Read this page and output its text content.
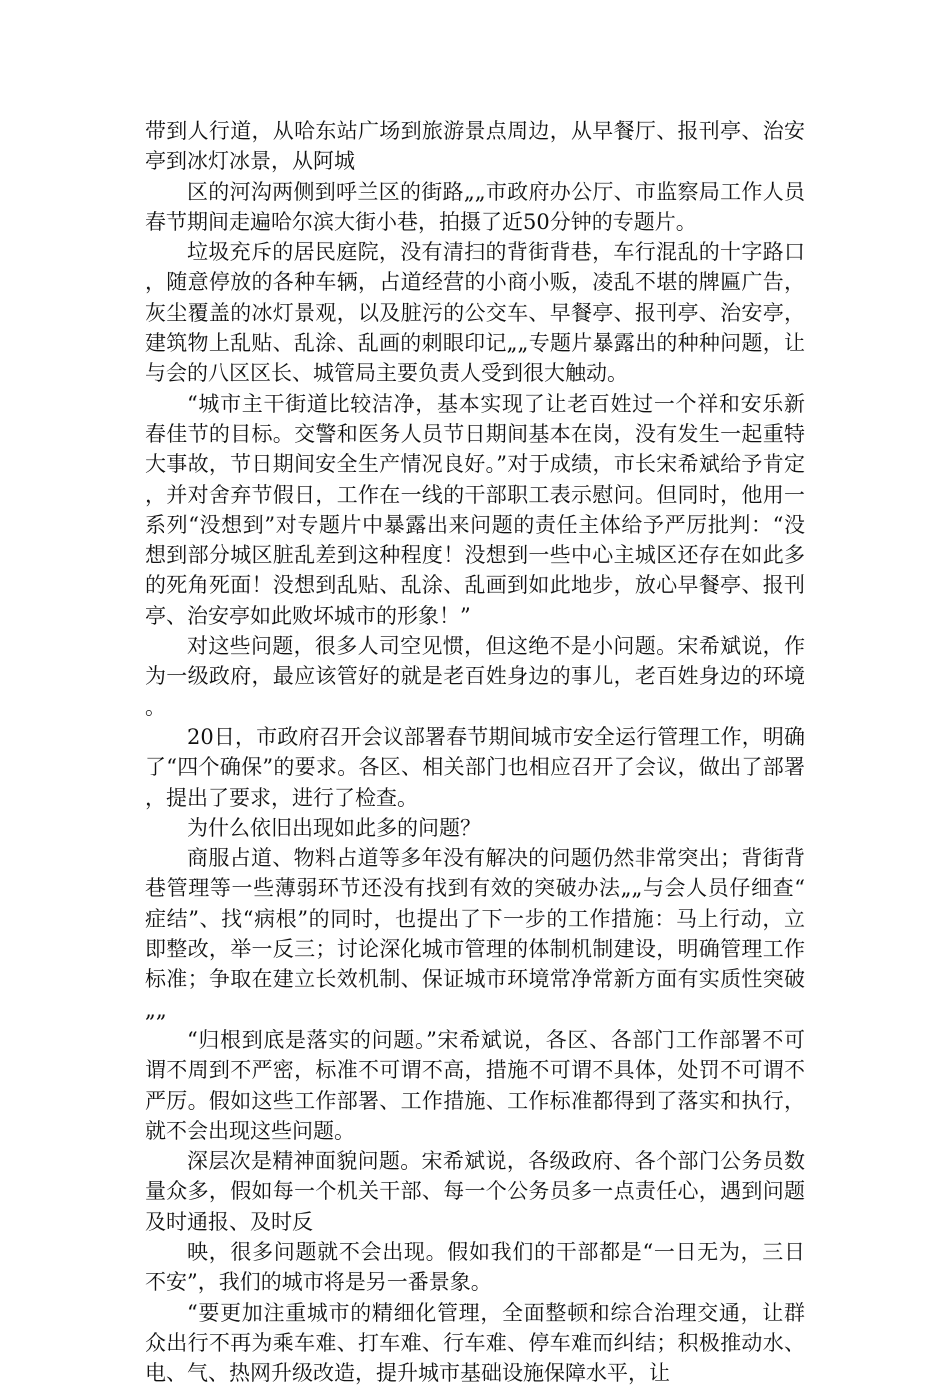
带到人行道，从哈东站广场到旅游景点周边，从早餐厅、报刊亭、治安亭到冰灯冰景，从阿城

区的河沟两侧到呼兰区的街路„„市政府办公厅、市监察局工作人员春节期间走遍哈尔滨大街小巷，拍摄了近50分钟的专题片。

垃圾充斥的居民庭院，没有清扫的背街背巷，车行混乱的十字路口，随意停放的各种车辆，占道经营的小商小贩，凌乱不堪的牌匾广告，灰尘覆盖的冰灯景观，以及脏污的公交车、早餐亭、报刊亭、治安亭，建筑物上乱贴、乱涂、乱画的刺眼印记„„专题片暴露出的种种问题，让与会的八区区长、城管局主要负责人受到很大触动。

“城市主干街道比较洁净，基本实现了让老百姓过一个祥和安乐新春佳节的目标。交警和医务人员节日期间基本在岗，没有发生一起重特大事故，节日期间安全生产情况良好。”对于成绩，市长宋希斌给予肯定，并对舍弃节假日，工作在一线的干部职工表示慰问。但同时，他用一系列“没想到”对专题片中暴露出来问题的责任主体给予严厉批判：“没想到部分城区脏乱差到这种程度！没想到一些中心主城区还存在如此多的死角死面！没想到乱贴、乱涂、乱画到如此地步，放心早餐亭、报刊亭、治安亭如此败坏城市的形象！”

对这些问题，很多人司空见惯，但这绝不是小问题。宋希斌说，作为一级政府，最应该管好的就是老百姓身边的事儿，老百姓身边的环境。

20日，市政府召开会议部署春节期间城市安全运行管理工作，明确了“四个确保”的要求。各区、相关部门也相应召开了会议，做出了部署，提出了要求，进行了检查。

为什么依旧出现如此多的问题？

商服占道、物料占道等多年没有解决的问题仍然非常突出；背街背巷管理等一些薄弱环节还没有找到有效的突破办法„„与会人员仔细查“症结”、找“病根”的同时，也提出了下一步的工作措施：马上行动，立即整改，举一反三；讨论深化城市管理的体制机制建设，明确管理工作标准；争取在建立长效机制、保证城市环境常净常新方面有实质性突破„„

“归根到底是落实的问题。”宋希斌说，各区、各部门工作部署不可谓不周到不严密，标准不可谓不高，措施不可谓不具体，处罚不可谓不严厉。假如这些工作部署、工作措施、工作标准都得到了落实和执行，就不会出现这些问题。

深层次是精神面貌问题。宋希斌说，各级政府、各个部门公务员数量众多，假如每一个机关干部、每一个公务员多一点责任心，遇到问题及时通报、及时反

映，很多问题就不会出现。假如我们的干部都是“一日无为，三日不安”，我们的城市将是另一番景象。

“要更加注重城市的精细化管理，全面整顿和综合治理交通，让群众出行不再为乘车难、打车难、行车难、停车难而纠结；积极推动水、电、气、热网升级改造，提升城市基础设施保障水平，让
